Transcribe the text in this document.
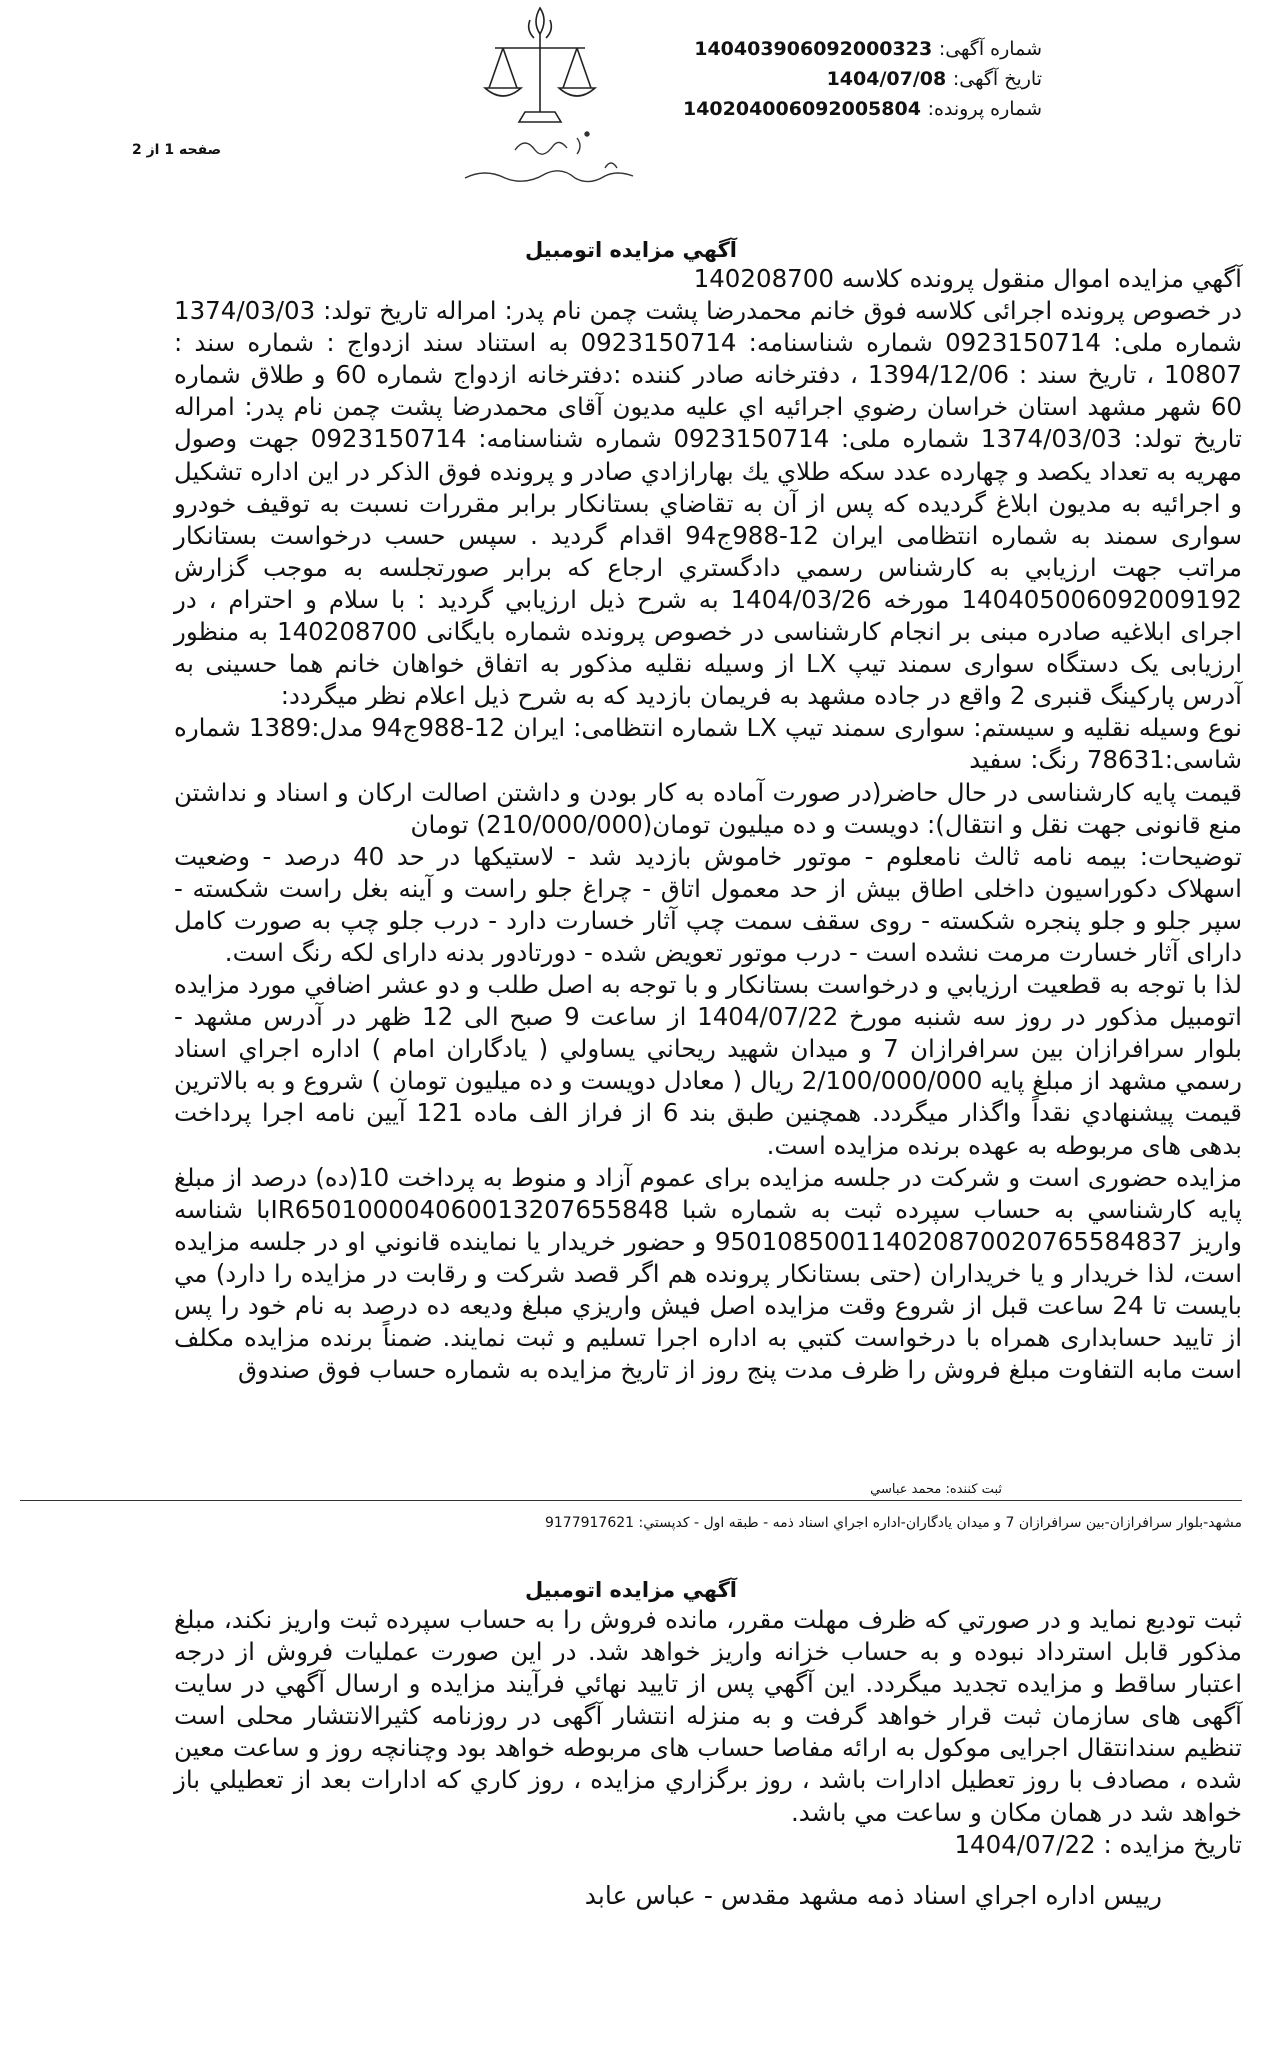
شماره آگهی: 140403906092000323
تاریخ آگهی: 1404/07/08
شماره پرونده: 140204006092005804
صفحه 1 از 2
آگهي مزايده اتومبيل

آگهي مزايده اموال منقول پرونده كلاسه 140208700

در خصوص پرونده اجرائی کلاسه فوق خانم محمدرضا پشت چمن نام پدر: امراله تاریخ تولد: 1374/03/03 شماره ملی: 0923150714 شماره شناسنامه: 0923150714 به استناد سند ازدواج : شماره سند : 10807 ، تاریخ سند : 1394/12/06 ، دفترخانه صادر کننده :دفترخانه ازدواج شماره 60 و طلاق شماره 60 شهر مشهد استان خراسان رضوي اجرائيه اي عليه مديون آقای محمدرضا پشت چمن نام پدر: امراله تاریخ تولد: 1374/03/03 شماره ملی: 0923150714 شماره شناسنامه: 0923150714 جهت وصول مهریه به تعداد یکصد و چهارده عدد سكه طلاي يك بهارازادي صادر و پرونده فوق الذكر در اين اداره تشكيل و اجرائيه به مديون ابلاغ گرديده كه پس از آن به تقاضاي بستانكار برابر مقررات نسبت به توقيف خودرو سواری سمند به شماره انتظامی ایران 12-988ج94 اقدام گرديد . سپس حسب درخواست بستانكار مراتب جهت ارزيابي به كارشناس رسمي دادگستري ارجاع كه برابر صورتجلسه به موجب گزارش 140405006092009192 مورخه 1404/03/26 به شرح ذيل ارزيابي گرديد : با سلام و احترام ، در اجرای ابلاغیه صادره مبنی بر انجام کارشناسی در خصوص پرونده شماره بایگانی 140208700 به منظور ارزیابی یک دستگاه سواری سمند تیپ LX از وسیله نقلیه مذکور به اتفاق خواهان خانم هما حسینی به آدرس پارکینگ قنبری 2 واقع در جاده مشهد به فریمان بازدید که به شرح ذیل اعلام نظر میگردد:

نوع وسیله نقلیه و سیستم: سواری سمند تیپ LX شماره انتظامی: ایران 12-988ج94 مدل:1389 شماره شاسی:78631 رنگ: سفید

قیمت پایه کارشناسی در حال حاضر(در صورت آماده به کار بودن و داشتن اصالت ارکان و اسناد و نداشتن منع قانونی جهت نقل و انتقال): دویست و ده میلیون تومان(210/000/000) تومان

توضیحات: بیمه نامه ثالث نامعلوم - موتور خاموش بازدید شد - لاستیکها در حد 40 درصد - وضعیت اسهلاک دکوراسیون داخلی اطاق بیش از حد معمول اتاق - چراغ جلو راست و آینه بغل راست شکسته - سپر جلو و جلو پنجره شکسته - روی سقف سمت چپ آثار خسارت دارد - درب جلو چپ به صورت کامل دارای آثار خسارت مرمت نشده است - درب موتور تعویض شده - دورتادور بدنه دارای لکه رنگ است.

لذا با توجه به قطعيت ارزيابي و درخواست بستانكار و با توجه به اصل طلب و دو عشر اضافي مورد مزايده اتومبیل مذکور در روز سه شنبه مورخ 1404/07/22 از ساعت 9 صبح الی 12 ظهر در آدرس مشهد - بلوار سرافرازان بين سرافرازان 7 و ميدان شهيد ريحاني يساولي ( يادگاران امام ) اداره اجراي اسناد رسمي مشهد از مبلغ پايه 2/100/000/000 ريال ( معادل دويست و ده ميليون تومان ) شروع و به بالاترين قيمت پيشنهادي نقداً واگذار ميگردد. همچنین طبق بند 6 از فراز الف ماده 121 آیین نامه اجرا پرداخت بدهی های مربوطه به عهده برنده مزایده است.

مزايده حضوری است و شرکت در جلسه مزایده برای عموم آزاد و منوط به پرداخت 10(ده) درصد از مبلغ پایه کارشناسي به حساب سپرده ثبت به شماره شبا IR650100004060013207655848با شناسه واریز 950108500114020870020765584837 و حضور خريدار يا نماينده قانوني او در جلسه مزايده است، لذا خريدار و يا خريداران (حتی بستانکار پرونده هم اگر قصد شرکت و رقابت در مزایده را دارد) مي بايست تا 24 ساعت قبل از شروع وقت مزايده اصل فيش واريزي مبلغ وديعه ده درصد به نام خود را پس از تایید حسابداری همراه با درخواست کتبي به اداره اجرا تسليم و ثبت نمايند. ضمناً برنده مزايده مكلف است مابه التفاوت مبلغ فروش را ظرف مدت پنج روز از تاريخ مزايده به شماره حساب فوق صندوق

ثبت کننده: محمد عباسي
مشهد-بلوار سرافرازان-بين سرافرازان 7 و ميدان يادگاران-اداره اجراي اسناد ذمه - طبقه اول - کدپستي: 9177917621
آگهي مزايده اتومبيل

ثبت توديع نمايد و در صورتي كه ظرف مهلت مقرر، مانده فروش را به حساب سپرده ثبت واريز نكند، مبلغ مذكور قابل استرداد نبوده و به حساب خزانه واريز خواهد شد. در اين صورت عمليات فروش از درجه اعتبار ساقط و مزايده تجديد ميگردد. اين آگهي پس از تاييد نهائي فرآيند مزايده و ارسال آگهي در سایت آگهی های سازمان ثبت قرار خواهد گرفت و به منزله انتشار آگهی در روزنامه کثیرالانتشار محلی است تنظيم سندانتقال اجرایی موکول به ارائه مفاصا حساب های مربوطه خواهد بود وچنانچه روز و ساعت معين شده ، مصادف با روز تعطيل ادارات باشد ، روز برگزاري مزايده ، روز كاري كه ادارات بعد از تعطيلي باز خواهد شد در همان مكان و ساعت مي باشد.

تاریخ مزایده : 1404/07/22

رييس اداره اجراي اسناد ذمه مشهد مقدس - عباس عابد
